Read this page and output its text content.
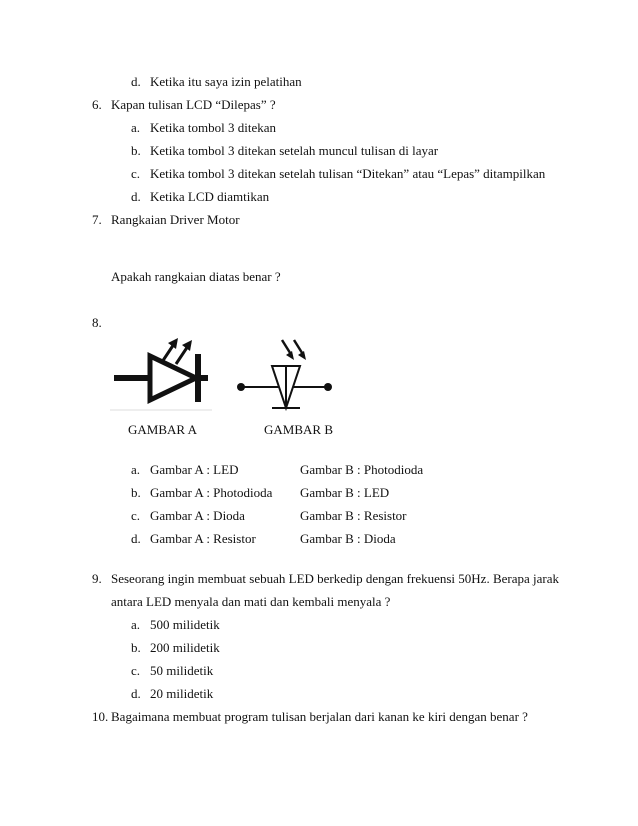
d. Ketika itu saya izin pelatihan
6. Kapan tulisan LCD “Dilepas” ?
a. Ketika tombol 3 ditekan
b. Ketika tombol 3 ditekan setelah muncul tulisan di layar
c. Ketika tombol 3 ditekan setelah tulisan “Ditekan” atau “Lepas” ditampilkan
d. Ketika LCD diamtikan
7. Rangkaian Driver Motor
Apakah rangkaian diatas benar ?
8.
GAMBAR A	GAMBAR B
a. Gambar A : LED	Gambar B : Photodioda
b. Gambar A : Photodioda Gambar B : LED
c. Gambar A : Dioda	Gambar B : Resistor
d. Gambar A : Resistor	Gambar B : Dioda
9. Seseorang ingin membuat sebuah LED berkedip dengan frekuensi 50Hz. Berapa jarak
antara LED menyala dan mati dan kembali menyala ?
a. 500 milidetik
b. 200 milidetik
c. 50 milidetik
d. 20 milidetik
10. Bagaimana membuat program tulisan berjalan dari kanan ke kiri dengan benar ?
